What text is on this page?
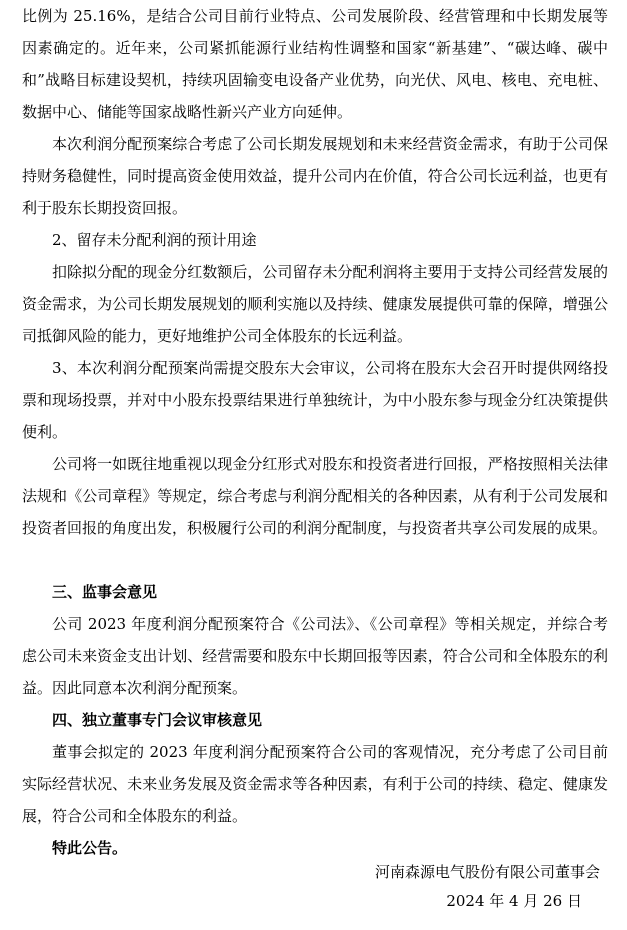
比例为 25.16%，是结合公司目前行业特点、公司发展阶段、经营管理和中长期发展等因素确定的。近年来，公司紧抓能源行业结构性调整和国家“新基建”、“碳达峰、碳中和”战略目标建设契机，持续巩固输变电设备产业优势，向光伏、风电、核电、充电桩、数据中心、储能等国家战略性新兴产业方向延伸。

本次利润分配预案综合考虑了公司长期发展规划和未来经营资金需求，有助于公司保持财务稳健性，同时提高资金使用效益，提升公司内在价值，符合公司长远利益，也更有利于股东长期投资回报。

2、留存未分配利润的预计用途

扣除拟分配的现金分红数额后，公司留存未分配利润将主要用于支持公司经营发展的资金需求，为公司长期发展规划的顺利实施以及持续、健康发展提供可靠的保障，增强公司抵御风险的能力，更好地维护公司全体股东的长远利益。

3、本次利润分配预案尚需提交股东大会审议，公司将在股东大会召开时提供网络投票和现场投票，并对中小股东投票结果进行单独统计，为中小股东参与现金分红决策提供便利。

公司将一如既往地重视以现金分红形式对股东和投资者进行回报，严格按照相关法律法规和《公司章程》等规定，综合考虑与利润分配相关的各种因素，从有利于公司发展和投资者回报的角度出发，积极履行公司的利润分配制度，与投资者共享公司发展的成果。

三、监事会意见

公司 2023 年度利润分配预案符合《公司法》、《公司章程》等相关规定，并综合考虑公司未来资金支出计划、经营需要和股东中长期回报等因素，符合公司和全体股东的利益。因此同意本次利润分配预案。

四、独立董事专门会议审核意见

董事会拟定的 2023 年度利润分配预案符合公司的客观情况，充分考虑了公司目前实际经营状况、未来业务发展及资金需求等各种因素，有利于公司的持续、稳定、健康发展，符合公司和全体股东的利益。

特此公告。

河南森源电气股份有限公司董事会

2024 年 4 月 26 日
